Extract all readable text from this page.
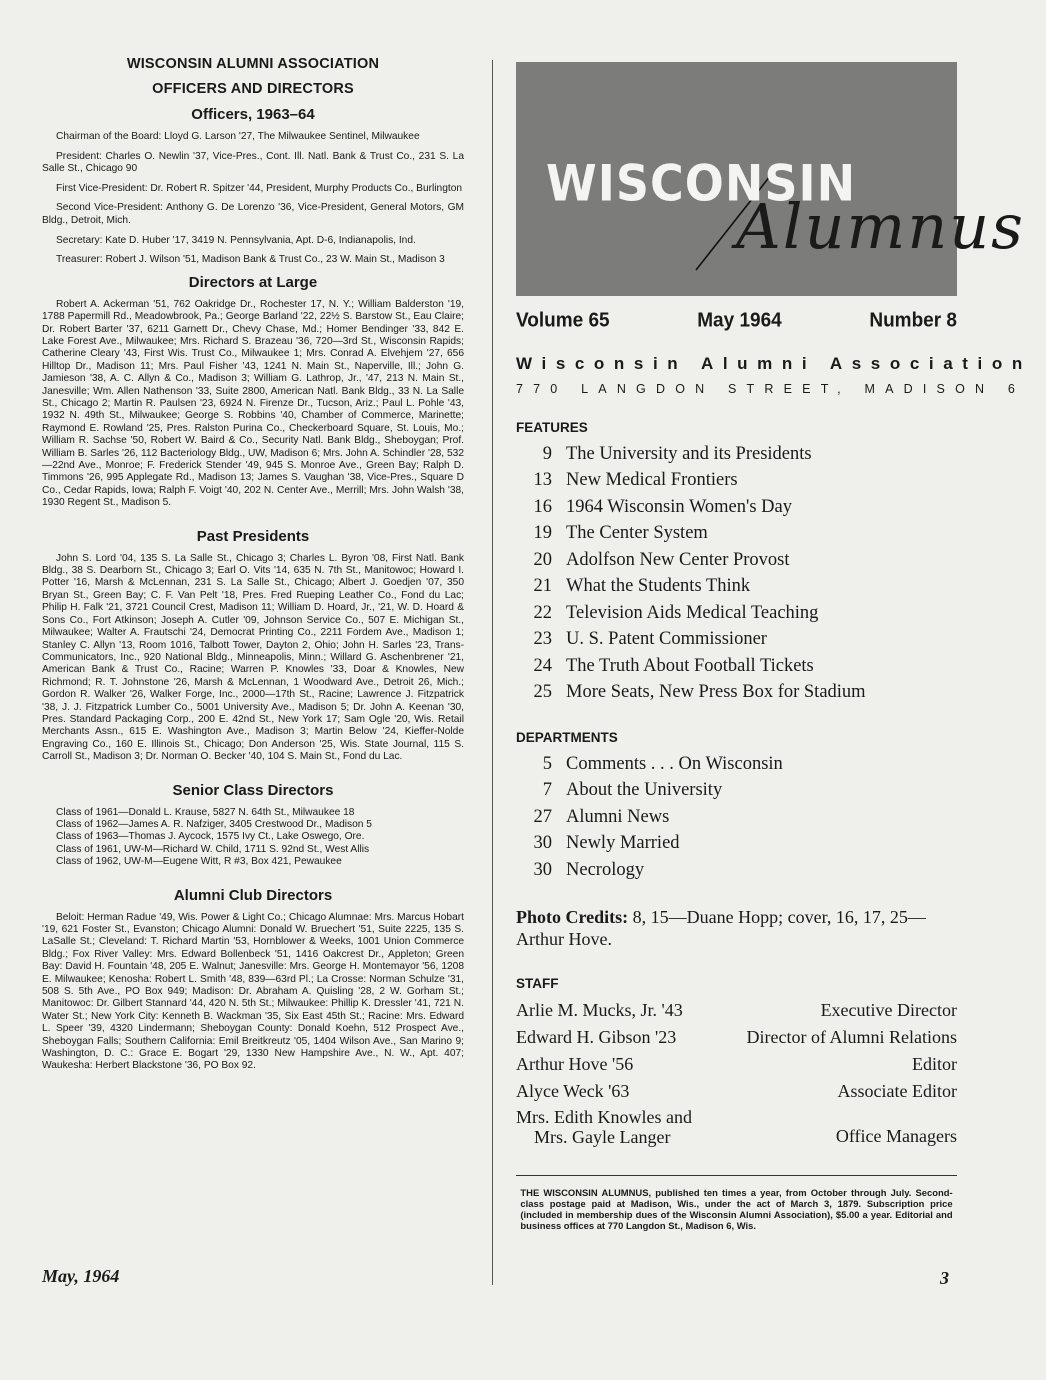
WISCONSIN ALUMNI ASSOCIATION
OFFICERS AND DIRECTORS
Officers, 1963–64

Chairman of the Board: Lloyd G. Larson '27, The Milwaukee Sentinel, Milwaukee

President: Charles O. Newlin '37, Vice-Pres., Cont. Ill. Natl. Bank & Trust Co., 231 S. La Salle St., Chicago 90

First Vice-President: Dr. Robert R. Spitzer '44, President, Murphy Products Co., Burlington

Second Vice-President: Anthony G. De Lorenzo '36, Vice-President, General Motors, GM Bldg., Detroit, Mich.

Secretary: Kate D. Huber '17, 3419 N. Pennsylvania, Apt. D-6, Indianapolis, Ind.

Treasurer: Robert J. Wilson '51, Madison Bank & Trust Co., 23 W. Main St., Madison 3

Directors at Large
Robert A. Ackerman '51, 762 Oakridge Dr., Rochester 17, N. Y.; William Balderston '19, 1788 Papermill Rd., Meadowbrook, Pa.; George Barland '22, 22½ S. Barstow St., Eau Claire; Dr. Robert Barter '37, 6211 Garnett Dr., Chevy Chase, Md.; Homer Bendinger '33, 842 E. Lake Forest Ave., Milwaukee; Mrs. Richard S. Brazeau '36, 720—3rd St., Wisconsin Rapids; Catherine Cleary '43, First Wis. Trust Co., Milwaukee 1; Mrs. Conrad A. Elvehjem '27, 656 Hilltop Dr., Madison 11; Mrs. Paul Fisher '43, 1241 N. Main St., Naperville, Ill.; John G. Jamieson '38, A. C. Allyn & Co., Madison 3; William G. Lathrop, Jr., '47, 213 N. Main St., Janesville; Wm. Allen Nathenson '33, Suite 2800, American Natl. Bank Bldg., 33 N. La Salle St., Chicago 2; Martin R. Paulsen '23, 6924 N. Firenze Dr., Tucson, Ariz.; Paul L. Pohle '43, 1932 N. 49th St., Milwaukee; George S. Robbins '40, Chamber of Commerce, Marinette; Raymond E. Rowland '25, Pres. Ralston Purina Co., Checkerboard Square, St. Louis, Mo.; William R. Sachse '50, Robert W. Baird & Co., Security Natl. Bank Bldg., Sheboygan; Prof. William B. Sarles '26, 112 Bacteriology Bldg., UW, Madison 6; Mrs. John A. Schindler '28, 532—22nd Ave., Monroe; F. Frederick Stender '49, 945 S. Monroe Ave., Green Bay; Ralph D. Timmons '26, 995 Applegate Rd., Madison 13; James S. Vaughan '38, Vice-Pres., Square D Co., Cedar Rapids, Iowa; Ralph F. Voigt '40, 202 N. Center Ave., Merrill; Mrs. John Walsh '38, 1930 Regent St., Madison 5.
Past Presidents
John S. Lord '04, 135 S. La Salle St., Chicago 3; Charles L. Byron '08, First Natl. Bank Bldg., 38 S. Dearborn St., Chicago 3; Earl O. Vits '14, 635 N. 7th St., Manitowoc; Howard I. Potter '16, Marsh & McLennan, 231 S. La Salle St., Chicago; Albert J. Goedjen '07, 350 Bryan St., Green Bay; C. F. Van Pelt '18, Pres. Fred Rueping Leather Co., Fond du Lac; Philip H. Falk '21, 3721 Council Crest, Madison 11; William D. Hoard, Jr., '21, W. D. Hoard & Sons Co., Fort Atkinson; Joseph A. Cutler '09, Johnson Service Co., 507 E. Michigan St., Milwaukee; Walter A. Frautschi '24, Democrat Printing Co., 2211 Fordem Ave., Madison 1; Stanley C. Allyn '13, Room 1016, Talbott Tower, Dayton 2, Ohio; John H. Sarles '23, Trans-Communicators, Inc., 920 National Bldg., Minneapolis, Minn.; Willard G. Aschenbrener '21, American Bank & Trust Co., Racine; Warren P. Knowles '33, Doar & Knowles, New Richmond; R. T. Johnstone '26, Marsh & McLennan, 1 Woodward Ave., Detroit 26, Mich.; Gordon R. Walker '26, Walker Forge, Inc., 2000—17th St., Racine; Lawrence J. Fitzpatrick '38, J. J. Fitzpatrick Lumber Co., 5001 University Ave., Madison 5; Dr. John A. Keenan '30, Pres. Standard Packaging Corp., 200 E. 42nd St., New York 17; Sam Ogle '20, Wis. Retail Merchants Assn., 615 E. Washington Ave., Madison 3; Martin Below '24, Kieffer-Nolde Engraving Co., 160 E. Illinois St., Chicago; Don Anderson '25, Wis. State Journal, 115 S. Carroll St., Madison 3; Dr. Norman O. Becker '40, 104 S. Main St., Fond du Lac.
Senior Class Directors
Class of 1961—Donald L. Krause, 5827 N. 64th St., Milwaukee 18
Class of 1962—James A. R. Nafziger, 3405 Crestwood Dr., Madison 5
Class of 1963—Thomas J. Aycock, 1575 Ivy Ct., Lake Oswego, Ore.
Class of 1961, UW-M—Richard W. Child, 1711 S. 92nd St., West Allis
Class of 1962, UW-M—Eugene Witt, R #3, Box 421, Pewaukee
Alumni Club Directors
Beloit: Herman Radue '49, Wis. Power & Light Co.; Chicago Alumnae: Mrs. Marcus Hobart '19, 621 Foster St., Evanston; Chicago Alumni: Donald W. Bruechert '51, Suite 2225, 135 S. LaSalle St.; Cleveland: T. Richard Martin '53, Hornblower & Weeks, 1001 Union Commerce Bldg.; Fox River Valley: Mrs. Edward Bollenbeck '51, 1416 Oakcrest Dr., Appleton; Green Bay: David H. Fountain '48, 205 E. Walnut; Janesville: Mrs. George H. Montemayor '56, 1208 E. Milwaukee; Kenosha: Robert L. Smith '48, 839—63rd Pl.; La Crosse: Norman Schulze '31, 508 S. 5th Ave., PO Box 949; Madison: Dr. Abraham A. Quisling '28, 2 W. Gorham St.; Manitowoc: Dr. Gilbert Stannard '44, 420 N. 5th St.; Milwaukee: Phillip K. Dressler '41, 721 N. Water St.; New York City: Kenneth B. Wackman '35, Six East 45th St.; Racine: Mrs. Edward L. Speer '39, 4320 Lindermann; Sheboygan County: Donald Koehn, 512 Prospect Ave., Sheboygan Falls; Southern California: Emil Breitkreutz '05, 1404 Wilson Ave., San Marino 9; Washington, D. C.: Grace E. Bogart '29, 1330 New Hampshire Ave., N. W., Apt. 407; Waukesha: Herbert Blackstone '36, PO Box 92.
WISCONSIN
Alumnus
Volume 65	May 1964	Number 8
Wisconsin Alumni Association
770 LANGDON STREET, MADISON 6
FEATURES
9 The University and its Presidents
13 New Medical Frontiers
16 1964 Wisconsin Women's Day
19 The Center System
20 Adolfson New Center Provost
21 What the Students Think
22 Television Aids Medical Teaching
23 U. S. Patent Commissioner
24 The Truth About Football Tickets
25 More Seats, New Press Box for Stadium
DEPARTMENTS
5 Comments . . . On Wisconsin
7 About the University
27 Alumni News
30 Newly Married
30 Necrology
Photo Credits: 8, 15—Duane Hopp; cover, 16, 17, 25—Arthur Hove.
STAFF
Arlie M. Mucks, Jr. '43	Executive Director
Edward H. Gibson '23	Director of Alumni Relations
Arthur Hove '56	Editor
Alyce Weck '63	Associate Editor
Mrs. Edith Knowles and
Mrs. Gayle Langer	Office Managers
THE WISCONSIN ALUMNUS, published ten times a year, from October through July. Second-class postage paid at Madison, Wis., under the act of March 3, 1879. Subscription price (included in membership dues of the Wisconsin Alumni Association), $5.00 a year. Editorial and business offices at 770 Langdon St., Madison 6, Wis.
May, 1964	3
